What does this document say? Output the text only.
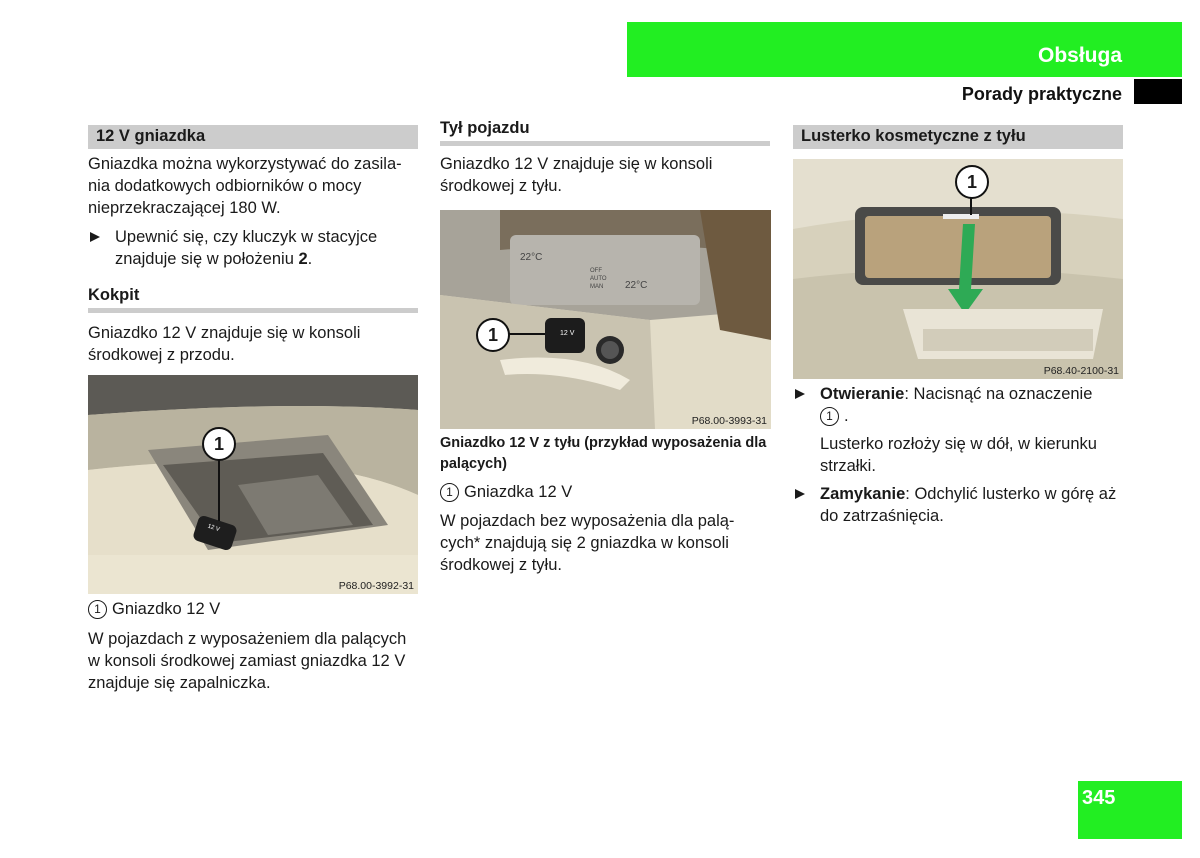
Obsługa
Porady praktyczne
12 V gniazdka

Gniazdka można wykorzystywać do zasila-nia dodatkowych odbiorników o mocy nieprzekraczającej 180 W.

Upewnić się, czy kluczyk w stacyjce znajduje się w położeniu 2.

Kokpit

Gniazdko 12 V znajduje się w konsoli środkowej z przodu.

12 V
1
P68.00-3992-31

1 Gniazdko 12 V

W pojazdach z wyposażeniem dla palących w konsoli środkowej zamiast gniazdka 12 V znajduje się zapalniczka.

Tył pojazdu

Gniazdko 12 V znajduje się w konsoli środkowej z tyłu.

22°C
OFF
AUTO
MAN 22°C
12 V
1
P68.00-3993-31

Gniazdko 12 V z tyłu (przykład wyposażenia dla palących)

1 Gniazdka 12 V

W pojazdach bez wyposażenia dla palą-cych* znajdują się 2 gniazdka w konsoli środkowej z tyłu.

Lusterko kosmetyczne z tyłu
1
P68.40-2100-31

Otwieranie: Nacisnąć na oznaczenie
1 .

Lusterko rozłoży się w dół, w kierunku strzałki.

Zamykanie: Odchylić lusterko w górę aż do zatrzaśnięcia.

345
